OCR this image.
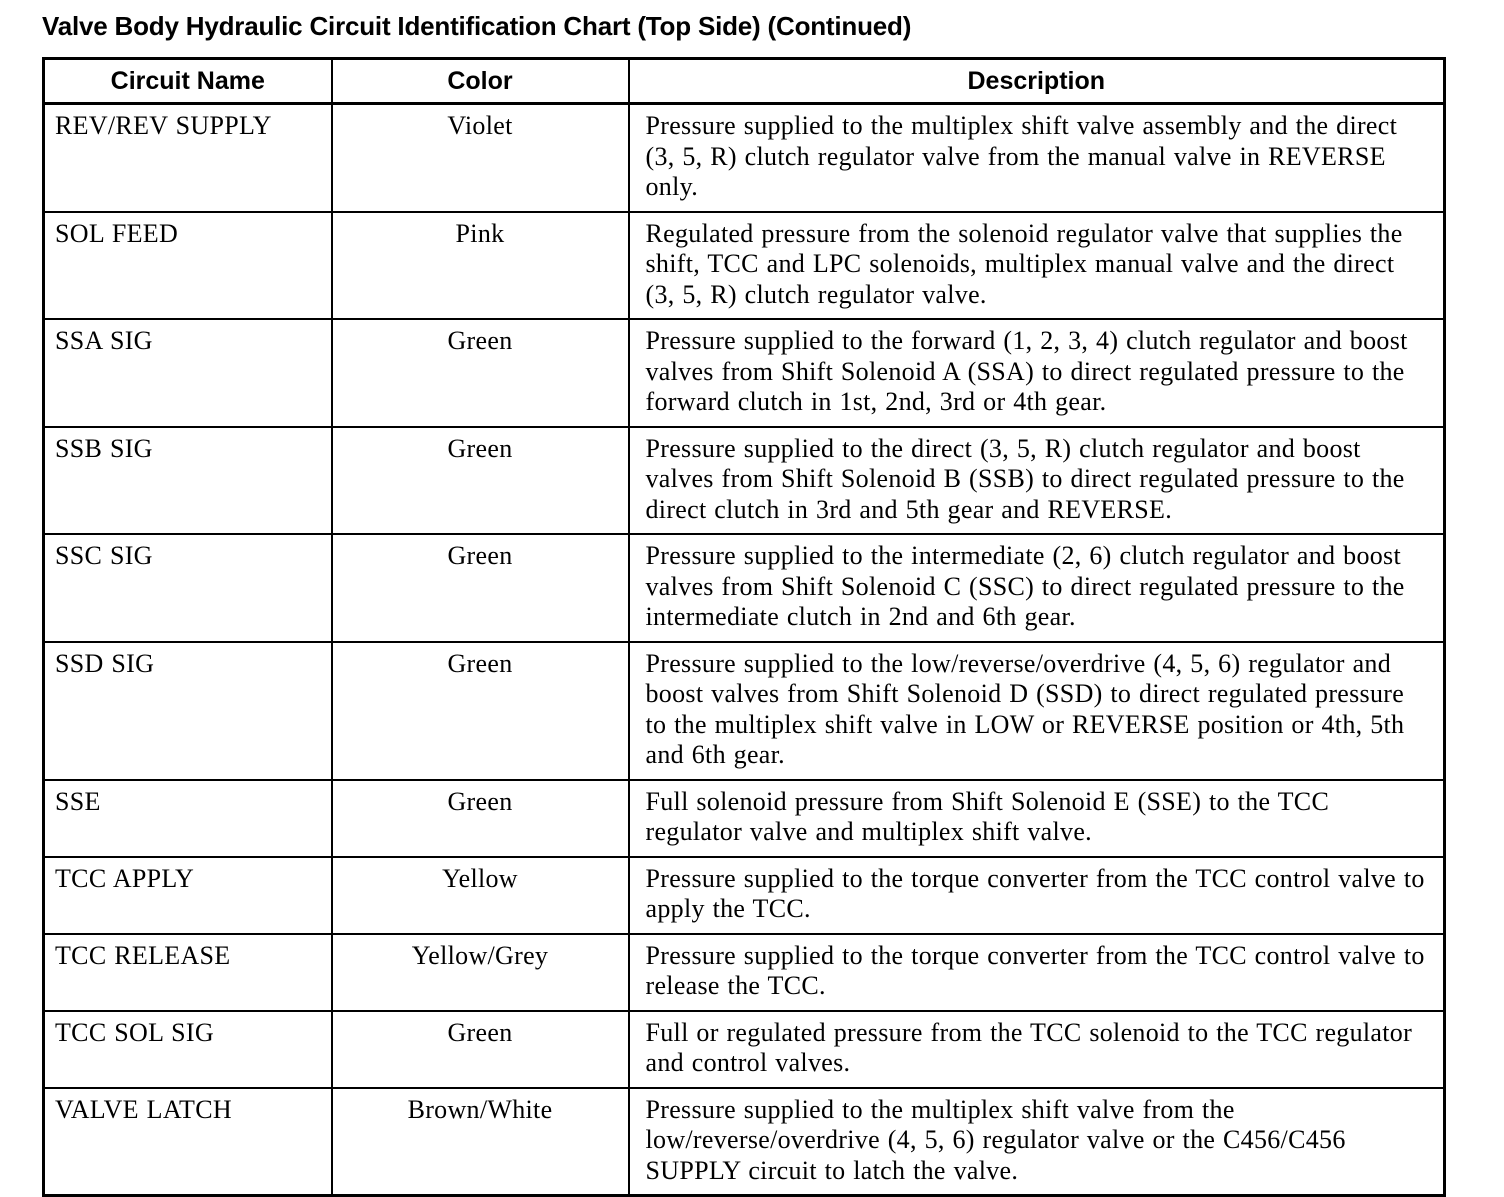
Valve Body Hydraulic Circuit Identification Chart (Top Side) (Continued)
Circuit Name	Color	Description
REV/REV SUPPLY	Violet	Pressure supplied to the multiplex shift valve assembly and the direct (3, 5, R) clutch regulator valve from the manual valve in REVERSE only.
SOL FEED	Pink	Regulated pressure from the solenoid regulator valve that supplies the shift, TCC and LPC solenoids, multiplex manual valve and the direct (3, 5, R) clutch regulator valve.
SSA SIG	Green	Pressure supplied to the forward (1, 2, 3, 4) clutch regulator and boost valves from Shift Solenoid A (SSA) to direct regulated pressure to the forward clutch in 1st, 2nd, 3rd or 4th gear.
SSB SIG	Green	Pressure supplied to the direct (3, 5, R) clutch regulator and boost valves from Shift Solenoid B (SSB) to direct regulated pressure to the direct clutch in 3rd and 5th gear and REVERSE.
SSC SIG	Green	Pressure supplied to the intermediate (2, 6) clutch regulator and boost valves from Shift Solenoid C (SSC) to direct regulated pressure to the intermediate clutch in 2nd and 6th gear.
SSD SIG	Green	Pressure supplied to the low/reverse/overdrive (4, 5, 6) regulator and boost valves from Shift Solenoid D (SSD) to direct regulated pressure to the multiplex shift valve in LOW or REVERSE position or 4th, 5th and 6th gear.
SSE	Green	Full solenoid pressure from Shift Solenoid E (SSE) to the TCC regulator valve and multiplex shift valve.
TCC APPLY	Yellow	Pressure supplied to the torque converter from the TCC control valve to apply the TCC.
TCC RELEASE	Yellow/Grey	Pressure supplied to the torque converter from the TCC control valve to release the TCC.
TCC SOL SIG	Green	Full or regulated pressure from the TCC solenoid to the TCC regulator and control valves.
VALVE LATCH	Brown/White	Pressure supplied to the multiplex shift valve from the low/reverse/overdrive (4, 5, 6) regulator valve or the C456/C456 SUPPLY circuit to latch the valve.
